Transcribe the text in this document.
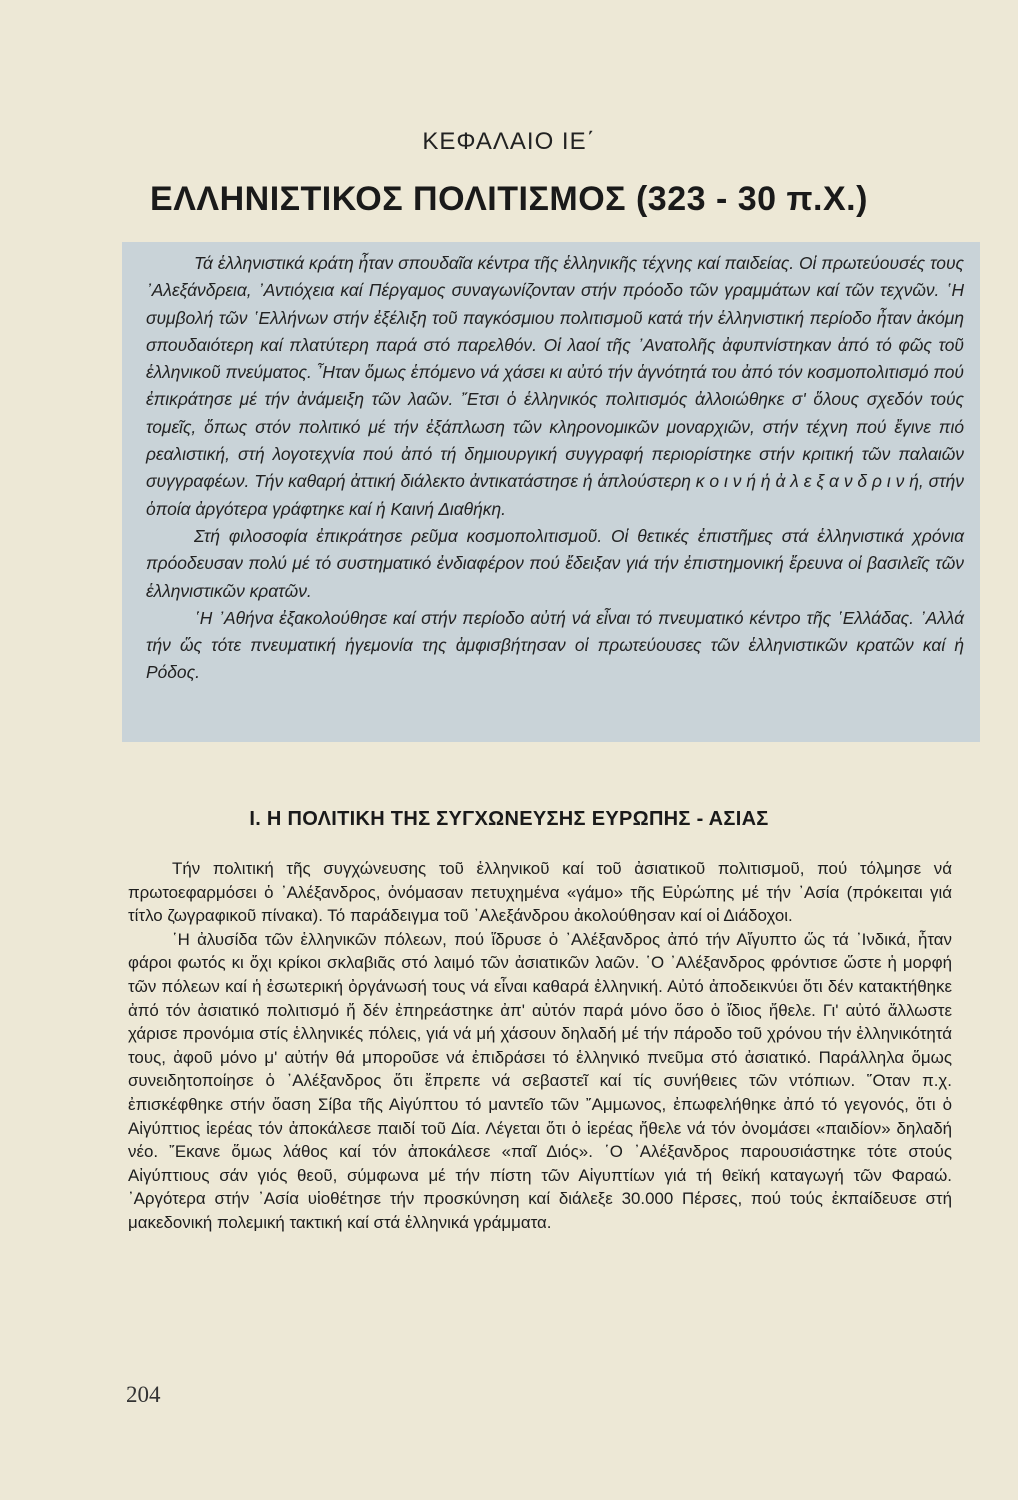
ΚΕΦΑΛΑΙΟ ΙΕ΄
ΕΛΛΗΝΙΣΤΙΚΟΣ ΠΟΛΙΤΙΣΜΟΣ (323 - 30 π.Χ.)

Τά ἑλληνιστικά κράτη ἦταν σπουδαῖα κέντρα τῆς ἑλληνικῆς τέχνης καί παιδείας. Οἱ πρωτεύουσές τους ᾿Αλεξάνδρεια, ᾿Αντιόχεια καί Πέργαμος συναγωνίζονταν στήν πρόοδο τῶν γραμμάτων καί τῶν τεχνῶν. ῾Η συμβολή τῶν ῾Ελλήνων στήν ἐξέλιξη τοῦ παγκόσμιου πολιτισμοῦ κατά τήν ἑλληνιστική περίοδο ἦταν ἀκόμη σπουδαιότερη καί πλατύτερη παρά στό παρελθόν. Οἱ λαοί τῆς ᾿Ανατολῆς ἀφυπνίστηκαν ἀπό τό φῶς τοῦ ἑλληνικοῦ πνεύματος. ῏Ηταν ὅμως ἑπόμενο νά χάσει κι αὐτό τήν ἁγνότητά του ἀπό τόν κοσμοπολιτισμό πού ἐπικράτησε μέ τήν ἀνάμειξη τῶν λαῶν. ῎Ετσι ὁ ἑλληνικός πολιτισμός ἀλλοιώθηκε σ' ὅλους σχεδόν τούς τομεῖς, ὅπως στόν πολιτικό μέ τήν ἐξάπλωση τῶν κληρονομικῶν μοναρχιῶν, στήν τέχνη πού ἔγινε πιό ρεαλιστική, στή λογοτεχνία πού ἀπό τή δημιουργική συγγραφή περιορίστηκε στήν κριτική τῶν παλαιῶν συγγραφέων. Τήν καθαρή ἀττική διάλεκτο ἀντικατάστησε ἡ ἁπλούστερη κ ο ι ν ή ἡ ἀ λ ε ξ α ν δ ρ ι ν ή, στήν ὁποία ἀργότερα γράφτηκε καί ἡ Καινή Διαθήκη.

Στή φιλοσοφία ἐπικράτησε ρεῦμα κοσμοπολιτισμοῦ. Οἱ θετικές ἐπιστῆμες στά ἑλληνιστικά χρόνια πρόοδευσαν πολύ μέ τό συστηματικό ἐνδιαφέρον πού ἔδειξαν γιά τήν ἐπιστημονική ἔρευνα οἱ βασιλεῖς τῶν ἑλληνιστικῶν κρατῶν.

῾Η ᾿Αθήνα ἐξακολούθησε καί στήν περίοδο αὐτή νά εἶναι τό πνευματικό κέντρο τῆς ῾Ελλάδας. ᾿Αλλά τήν ὥς τότε πνευματική ἡγεμονία της ἀμφισβήτησαν οἱ πρωτεύουσες τῶν ἑλληνιστικῶν κρατῶν καί ἡ Ρόδος.

Ι. Η ΠΟΛΙΤΙΚΗ ΤΗΣ ΣΥΓΧΩΝΕΥΣΗΣ ΕΥΡΩΠΗΣ - ΑΣΙΑΣ

Τήν πολιτική τῆς συγχώνευσης τοῦ ἑλληνικοῦ καί τοῦ ἀσιατικοῦ πολιτισμοῦ, πού τόλμησε νά πρωτοεφαρμόσει ὁ ᾿Αλέξανδρος, ὀνόμασαν πετυχημένα «γάμο» τῆς Εὐρώπης μέ τήν ᾿Ασία (πρόκειται γιά τίτλο ζωγραφικοῦ πίνακα). Τό παράδειγμα τοῦ ᾿Αλεξάνδρου ἀκολούθησαν καί οἱ Διάδοχοι.

῾Η ἀλυσίδα τῶν ἑλληνικῶν πόλεων, πού ἵδρυσε ὁ ᾿Αλέξανδρος ἀπό τήν Αἴγυπτο ὥς τά ᾿Ινδικά, ἦταν φάροι φωτός κι ὄχι κρίκοι σκλαβιᾶς στό λαιμό τῶν ἀσιατικῶν λαῶν. ῾Ο ᾿Αλέξανδρος φρόντισε ὥστε ἡ μορφή τῶν πόλεων καί ἡ ἐσωτερική ὀργάνωσή τους νά εἶναι καθαρά ἑλληνική. Αὐτό ἀποδεικνύει ὅτι δέν κατακτήθηκε ἀπό τόν ἀσιατικό πολιτισμό ἤ δέν ἐπηρεάστηκε ἀπ' αὐτόν παρά μόνο ὅσο ὁ ἴδιος ἤθελε. Γι' αὐτό ἄλλωστε χάρισε προνόμια στίς ἑλληνικές πόλεις, γιά νά μή χάσουν δηλαδή μέ τήν πάροδο τοῦ χρόνου τήν ἑλληνικότητά τους, ἀφοῦ μόνο μ' αὐτήν θά μποροῦσε νά ἐπιδράσει τό ἑλληνικό πνεῦμα στό ἀσιατικό. Παράλληλα ὅμως συνειδητοποίησε ὁ ᾿Αλέξανδρος ὅτι ἔπρεπε νά σεβαστεῖ καί τίς συνήθειες τῶν ντόπιων. ῞Οταν π.χ. ἐπισκέφθηκε στήν ὄαση Σίβα τῆς Αἰγύπτου τό μαντεῖο τῶν ῎Αμμωνος, ἐπωφελήθηκε ἀπό τό γεγονός, ὅτι ὁ Αἰγύπτιος ἱερέας τόν ἀποκάλεσε παιδί τοῦ Δία. Λέγεται ὅτι ὁ ἱερέας ἤθελε νά τόν ὀνομάσει «παιδίον» δηλαδή νέο. ῎Εκανε ὅμως λάθος καί τόν ἀποκάλεσε «παῖ Διός». ῾Ο ᾿Αλέξανδρος παρουσιάστηκε τότε στούς Αἰγύπτιους σάν γιός θεοῦ, σύμφωνα μέ τήν πίστη τῶν Αἰγυπτίων γιά τή θεϊκή καταγωγή τῶν Φαραώ. ᾿Αργότερα στήν ᾿Ασία υἱοθέτησε τήν προσκύνηση καί διάλεξε 30.000 Πέρσες, πού τούς ἐκπαίδευσε στή μακεδονική πολεμική τακτική καί στά ἑλληνικά γράμματα.

204
